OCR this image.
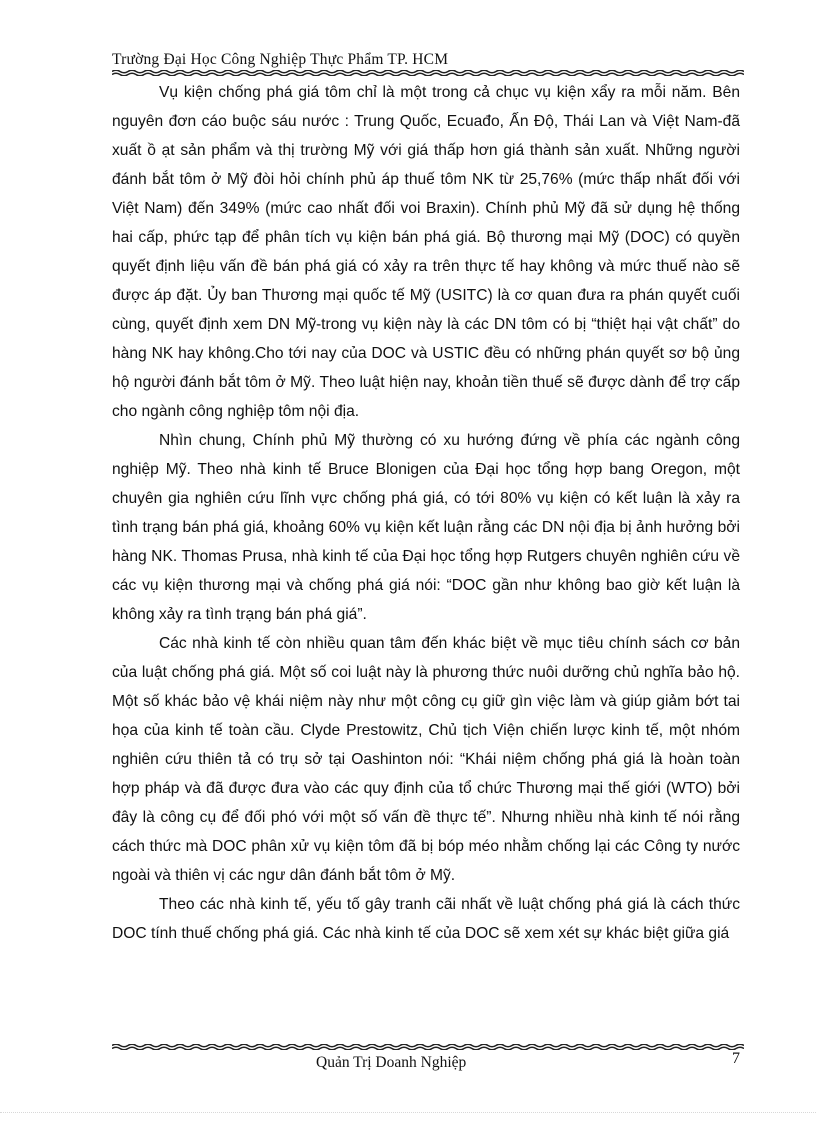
Trường Đại Học Công Nghiệp Thực Phẩm TP. HCM

Vụ kiện chống phá giá tôm chỉ là một trong cả chục vụ kiện xẩy ra mỗi năm. Bên nguyên đơn cáo buộc sáu nước : Trung Quốc, Ecuađo, Ấn Độ, Thái Lan và Việt Nam-đã xuất ồ ạt sản phẩm và thị trường Mỹ với giá thấp hơn giá thành sản xuất. Những người đánh bắt tôm ở Mỹ đòi hỏi chính phủ áp thuế tôm NK từ 25,76% (mức thấp nhất đối với Việt Nam) đến 349% (mức cao nhất đối voi Braxin). Chính phủ Mỹ đã sử dụng hệ thống hai cấp, phức tạp để phân tích vụ kiện bán phá giá. Bộ thương mại Mỹ (DOC) có quyền quyết định liệu vấn đề bán phá giá có xảy ra trên thực tế hay không và mức thuế nào sẽ được áp đặt. Ủy ban Thương mại quốc tế Mỹ (USITC) là cơ quan đưa ra phán quyết cuối cùng, quyết định xem DN Mỹ-trong vụ kiện này là các DN tôm có bị “thiệt hại vật chất” do hàng NK hay không.Cho tới nay của DOC và USTIC đều có những phán quyết sơ bộ ủng hộ người đánh bắt tôm ở Mỹ. Theo luật hiện nay, khoản tiền thuế sẽ được dành để trợ cấp cho ngành công nghiệp tôm nội địa.

Nhìn chung, Chính phủ Mỹ thường có xu hướng đứng về phía các ngành công nghiệp Mỹ. Theo nhà kinh tế Bruce Blonigen của Đại học tổng hợp bang Oregon, một chuyên gia nghiên cứu lĩnh vực chống phá giá, có tới 80% vụ kiện có kết luận là xảy ra tình trạng bán phá giá, khoảng 60% vụ kiện kết luận rằng các DN nội địa bị ảnh hưởng bởi hàng NK. Thomas Prusa, nhà kinh tế của Đại học tổng hợp Rutgers chuyên nghiên cứu về các vụ kiện thương mại và chống phá giá nói: “DOC gần như không bao giờ kết luận là không xảy ra tình trạng bán phá giá”.

Các nhà kinh tế còn nhiều quan tâm đến khác biệt về mục tiêu chính sách cơ bản của luật chống phá giá. Một số coi luật này là phương thức nuôi dưỡng chủ nghĩa bảo hộ. Một số khác bảo vệ khái niệm này như một công cụ giữ gìn việc làm và giúp giảm bớt tai họa của kinh tế toàn cầu. Clyde Prestowitz, Chủ tịch Viện chiến lược kinh tế, một nhóm nghiên cứu thiên tả có trụ sở tại Oashinton nói: “Khái niệm chống phá giá là hoàn toàn hợp pháp và đã được đưa vào các quy định của tổ chức Thương mại thế giới (WTO) bởi đây là công cụ để đối phó với một số vấn đề thực tế”. Nhưng nhiều nhà kinh tế nói rằng cách thức mà DOC phân xử vụ kiện tôm đã bị bóp méo nhằm chống lại các Công ty nước ngoài và thiên vị các ngư dân đánh bắt tôm ở Mỹ.

Theo các nhà kinh tế, yếu tố gây tranh cãi nhất về luật chống phá giá là cách thức DOC tính thuế chống phá giá. Các nhà kinh tế của DOC sẽ xem xét sự khác biệt giữa giá

Quản Trị Doanh Nghiệp	7
